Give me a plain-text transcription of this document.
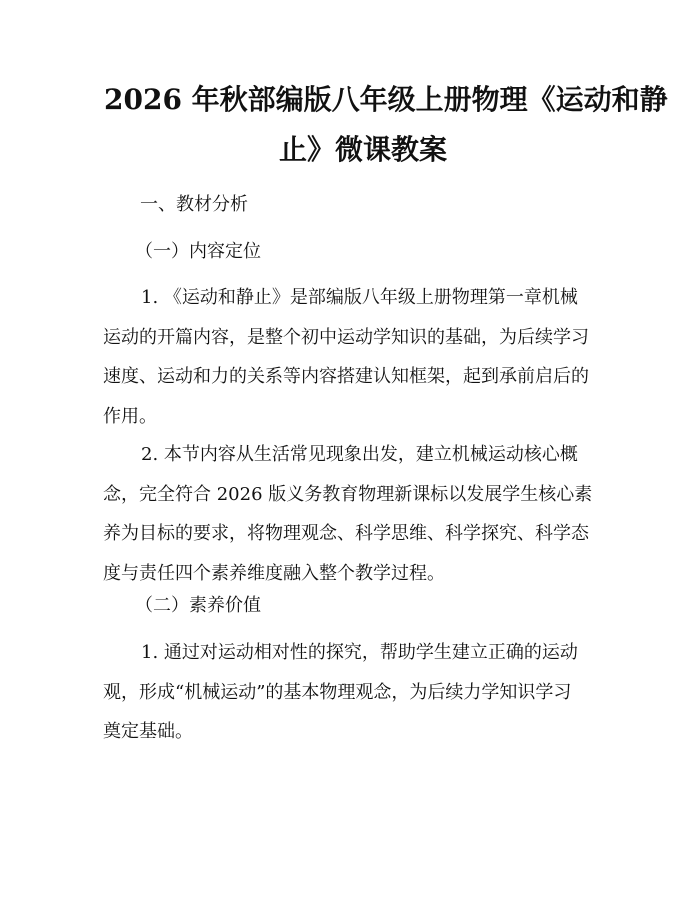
2026 年秋部编版八年级上册物理《运动和静
止》微课教案

一、教材分析

（一）内容定位

1. 《运动和静止》是部编版八年级上册物理第一章机械
运动的开篇内容，是整个初中运动学知识的基础，为后续学习
速度、运动和力的关系等内容搭建认知框架，起到承前启后的
作用。
2. 本节内容从生活常见现象出发，建立机械运动核心概
念，完全符合 2026 版义务教育物理新课标以发展学生核心素
养为目标的要求，将物理观念、科学思维、科学探究、科学态
度与责任四个素养维度融入整个教学过程。

（二）素养价值

1. 通过对运动相对性的探究，帮助学生建立正确的运动
观，形成“机械运动”的基本物理观念，为后续力学知识学习
奠定基础。
